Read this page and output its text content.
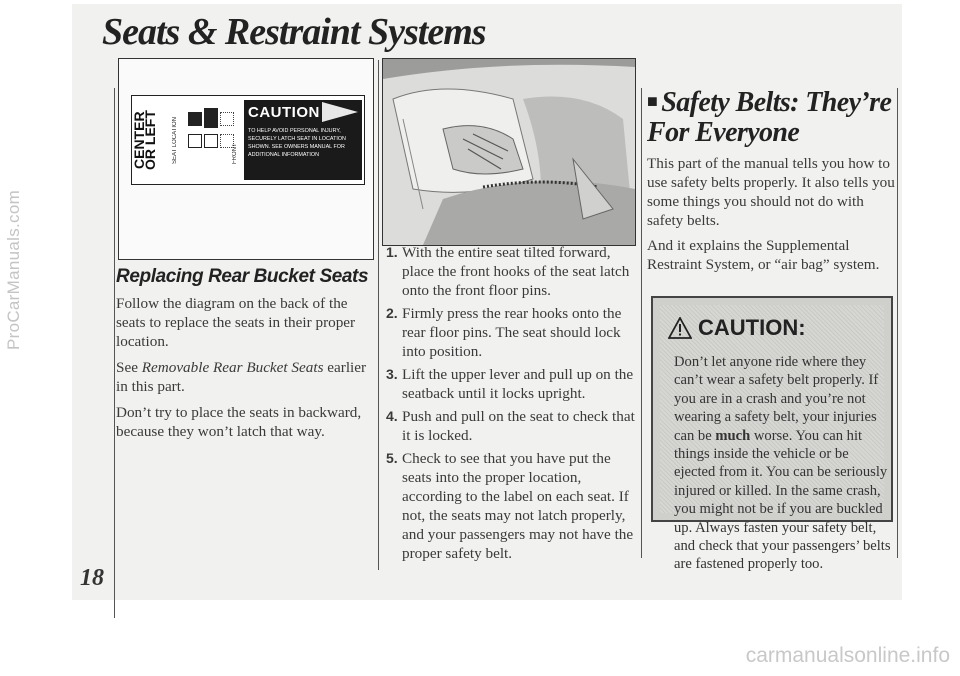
ProCarManuals.com
carmanualsonline.info
Seats & Restraint Systems
18
CENTER OR LEFT	SEAT LOCATION	FRONT
CAUTION
TO HELP AVOID PERSONAL INJURY, SECURELY LATCH SEAT IN LOCATION SHOWN. SEE OWNERS MANUAL FOR ADDITIONAL INFORMATION
Replacing Rear Bucket Seats

Follow the diagram on the back of the seats to replace the seats in their proper location.

See Removable Rear Bucket Seats earlier in this part.

Don’t try to place the seats in backward, because they won’t latch that way.

1. With the entire seat tilted forward, place the front hooks of the seat latch onto the front floor pins.
2. Firmly press the rear hooks onto the rear floor pins. The seat should lock into position.
3. Lift the upper lever and pull up on the seatback until it locks upright.
4. Push and pull on the seat to check that it is locked.
5. Check to see that you have put the seats into the proper location, according to the label on each seat. If not, the seats may not latch properly, and your passengers may not have the proper safety belt.
■ Safety Belts: They’re For Everyone

This part of the manual tells you how to use safety belts properly. It also tells you some things you should not do with safety belts.

And it explains the Supplemental Restraint System, or “air bag” system.

CAUTION:
Don’t let anyone ride where they can’t wear a safety belt properly. If you are in a crash and you’re not wearing a safety belt, your injuries can be much worse. You can hit things inside the vehicle or be ejected from it. You can be seriously injured or killed. In the same crash, you might not be if you are buckled up. Always fasten your safety belt, and check that your passengers’ belts are fastened properly too.
